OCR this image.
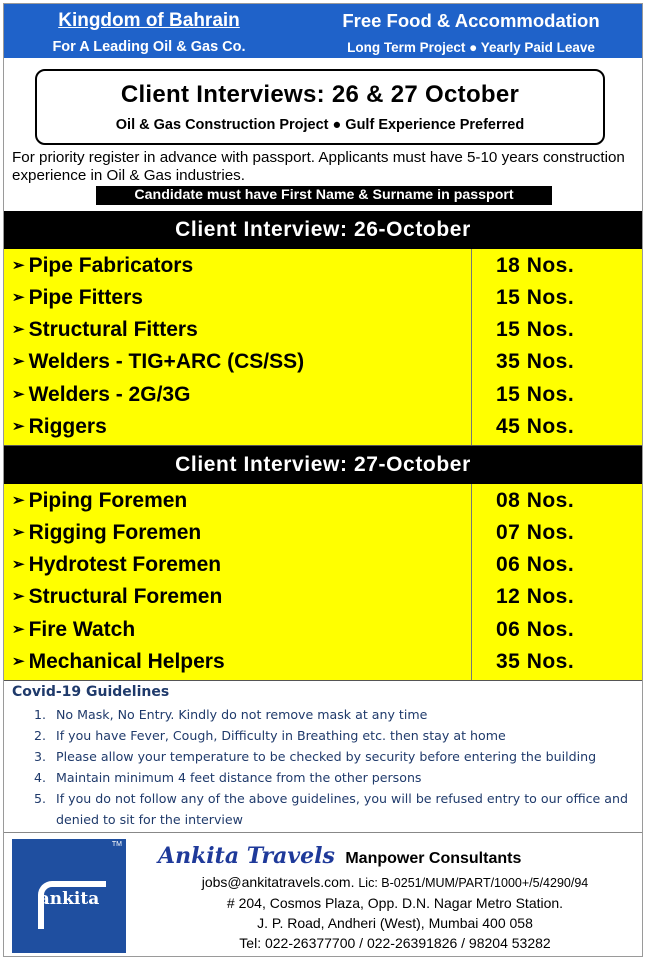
Kingdom of Bahrain
For A Leading Oil & Gas Co.
Free Food & Accommodation
Long Term Project ● Yearly Paid Leave
Client Interviews: 26 & 27 October
Oil & Gas Construction Project ● Gulf Experience Preferred
For priority register in advance with passport. Applicants must have 5-10 years construction experience in Oil & Gas industries.
Candidate must have First Name & Surname in passport
Client Interview: 26-October
➢ Pipe Fabricators	18 Nos.
➢ Pipe Fitters	15 Nos.
➢ Structural Fitters	15 Nos.
➢ Welders - TIG+ARC (CS/SS)	35 Nos.
➢ Welders - 2G/3G	15 Nos.
➢ Riggers	45 Nos.
Client Interview: 27-October
➢ Piping Foremen	08 Nos.
➢ Rigging Foremen	07 Nos.
➢ Hydrotest Foremen	06 Nos.
➢ Structural Foremen	12 Nos.
➢ Fire Watch	06 Nos.
➢ Mechanical Helpers	35 Nos.
Covid-19 Guidelines
1. No Mask, No Entry. Kindly do not remove mask at any time
2. If you have Fever, Cough, Difficulty in Breathing etc. then stay at home
3. Please allow your temperature to be checked by security before entering the building
4. Maintain minimum 4 feet distance from the other persons
5. If you do not follow any of the above guidelines, you will be refused entry to our office and denied to sit for the interview
ankita
TM Ankita Travels Manpower Consultants
jobs@ankitatravels.com. Lic: B-0251/MUM/PART/1000+/5/4290/94
# 204, Cosmos Plaza, Opp. D.N. Nagar Metro Station.
J. P. Road, Andheri (West), Mumbai 400 058
Tel: 022-26377700 / 022-26391826 / 98204 53282
